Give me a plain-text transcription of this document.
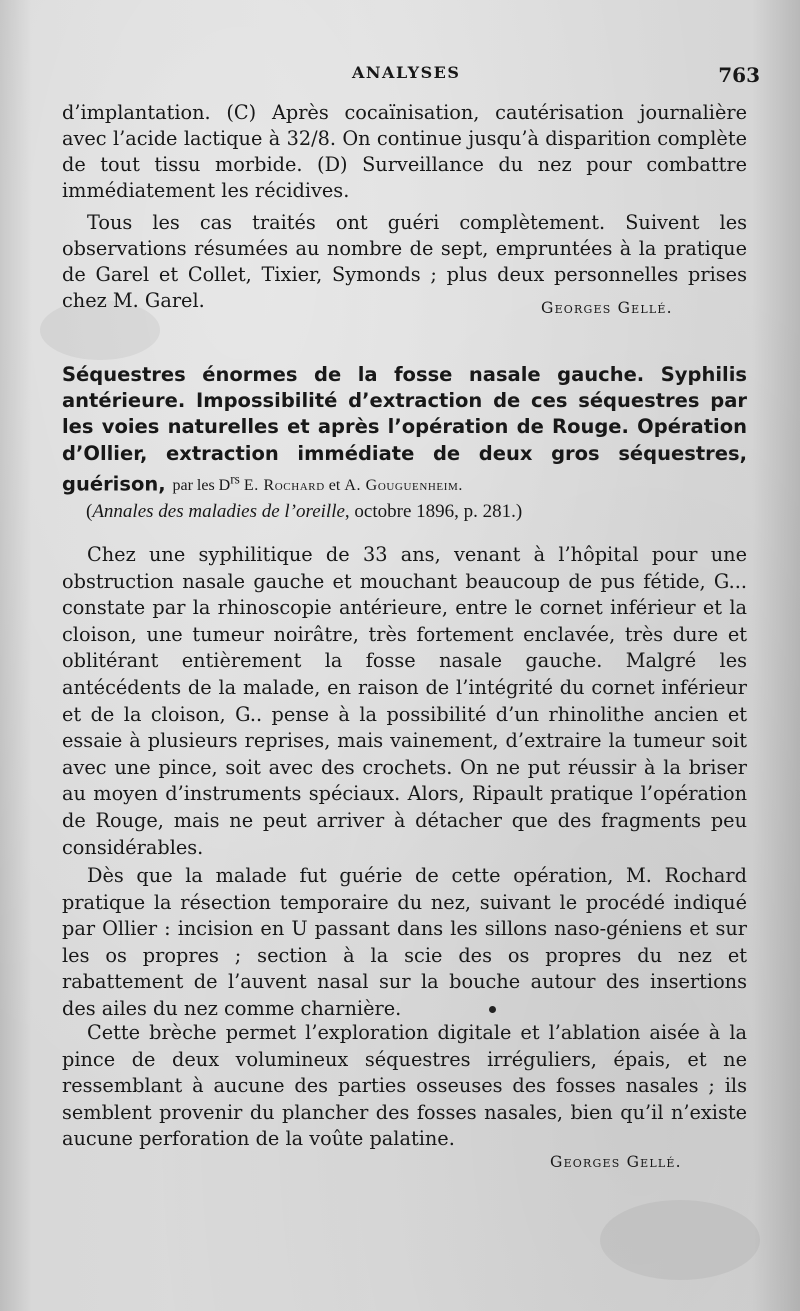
ANALYSES	763

d’implantation. (C) Après cocaïnisation, cautérisation journalière avec l’acide lactique à 32/8. On continue jusqu’à disparition complète de tout tissu morbide. (D) Surveillance du nez pour combattre immédiatement les récidives.

Tous les cas traités ont guéri complètement. Suivent les observations résumées au nombre de sept, empruntées à la pratique de Garel et Collet, Tixier, Symonds ; plus deux personnelles prises chez M. Garel.	Georges Gellé.
Séquestres énormes de la fosse nasale gauche. Syphilis antérieure. Impossibilité d’extraction de ces séquestres par les voies naturelles et après l’opération de Rouge. Opération d’Ollier, extraction immédiate de deux gros séquestres, guérison, par les $D^{rs}$ E. Rochard et A. Gouguenheim.
(Annales des maladies de l’oreille, octobre 1896, p. 281.)

Chez une syphilitique de 33 ans, venant à l’hôpital pour une obstruction nasale gauche et mouchant beaucoup de pus fétide, G... constate par la rhinoscopie antérieure, entre le cornet inférieur et la cloison, une tumeur noirâtre, très fortement enclavée, très dure et oblitérant entièrement la fosse nasale gauche. Malgré les antécédents de la malade, en raison de l’intégrité du cornet inférieur et de la cloison, G.. pense à la possibilité d’un rhinolithe ancien et essaie à plusieurs reprises, mais vainement, d’extraire la tumeur soit avec une pince, soit avec des crochets. On ne put réussir à la briser au moyen d’instruments spéciaux. Alors, Ripault pratique l’opération de Rouge, mais ne peut arriver à détacher que des fragments peu considérables.

Dès que la malade fut guérie de cette opération, M. Rochard pratique la résection temporaire du nez, suivant le procédé indiqué par Ollier : incision en U passant dans les sillons naso-géniens et sur les os propres ; section à la scie des os propres du nez et rabattement de l’auvent nasal sur la bouche autour des insertions des ailes du nez comme charnière.

Cette brèche permet l’exploration digitale et l’ablation aisée à la pince de deux volumineux séquestres irréguliers, épais, et ne ressemblant à aucune des parties osseuses des fosses nasales ; ils semblent provenir du plancher des fosses nasales, bien qu’il n’existe aucune perforation de la voûte palatine.

Georges Gellé.
